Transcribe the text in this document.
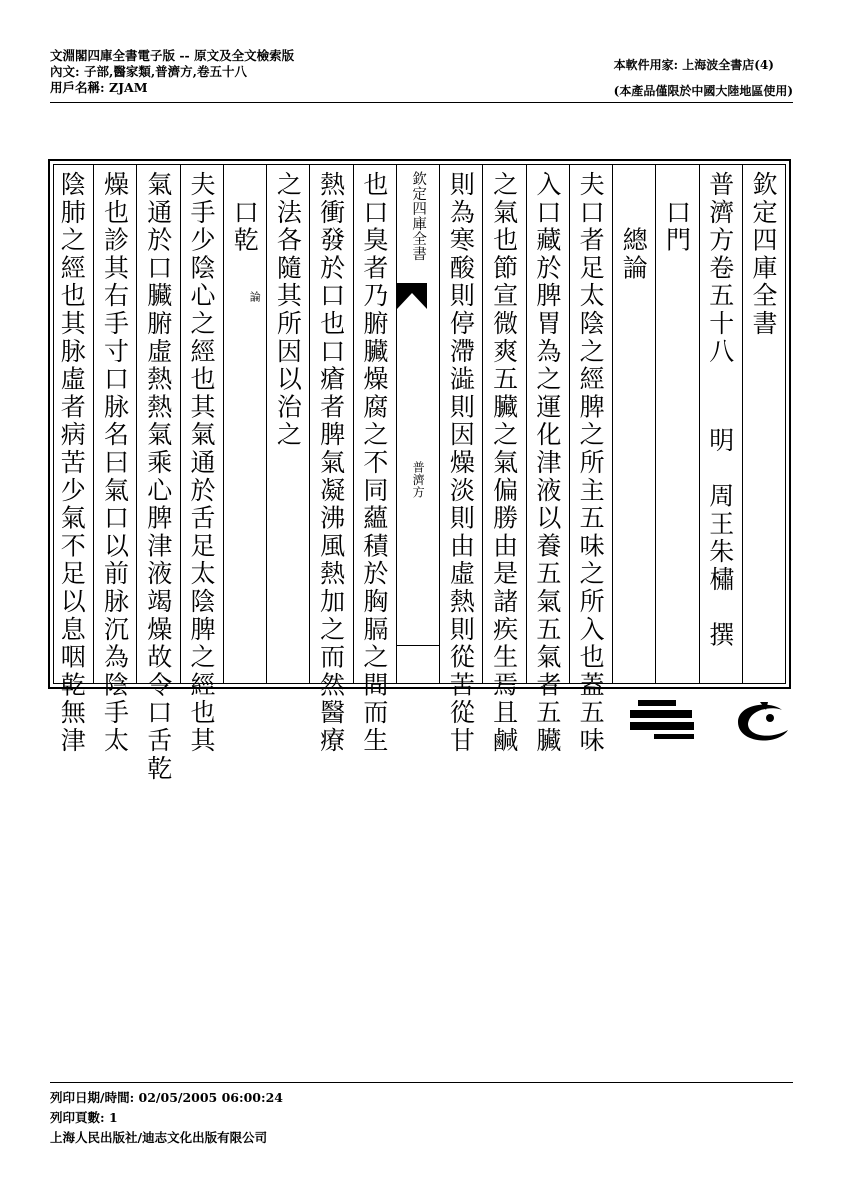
文淵閣四庫全書電子版 -- 原文及全文檢索版
內文: 子部,醫家類,普濟方,卷五十八
用戶名稱: ZJAM
本軟件用家: 上海波全書店(4)
(本產品僅限於中國大陸地區使用)
欽定四庫全書
普濟方卷五十八
明　周王朱橚　撰
　口門
　　總論
夫口者足太陰之經脾之所主五味之所入也蓋五味
入口藏於脾胃為之運化津液以養五氣五氣者五臟
之氣也節宣微爽五臟之氣偏勝由是諸疾生焉且鹹
則為寒酸則停滯澁則因燥淡則由虛熱則從苦從甘
欽定四庫全書
普濟方
也口臭者乃腑臟燥腐之不同蘊積於胸膈之間而生
熱衝發於口也口瘡者脾氣凝沸風熱加之而然醫療
之法各隨其所因以治之
　口乾
論
夫手少陰心之經也其氣通於舌足太陰脾之經也其
氣通於口臟腑虛熱熱氣乘心脾津液竭燥故令口舌乾
燥也診其右手寸口脉名曰氣口以前脉沉為陰手太
陰肺之經也其脉虛者病苦少氣不足以息咽乾無津
列印日期/時間: 02/05/2005 06:00:24
列印頁數: 1
上海人民出版社/迪志文化出版有限公司
